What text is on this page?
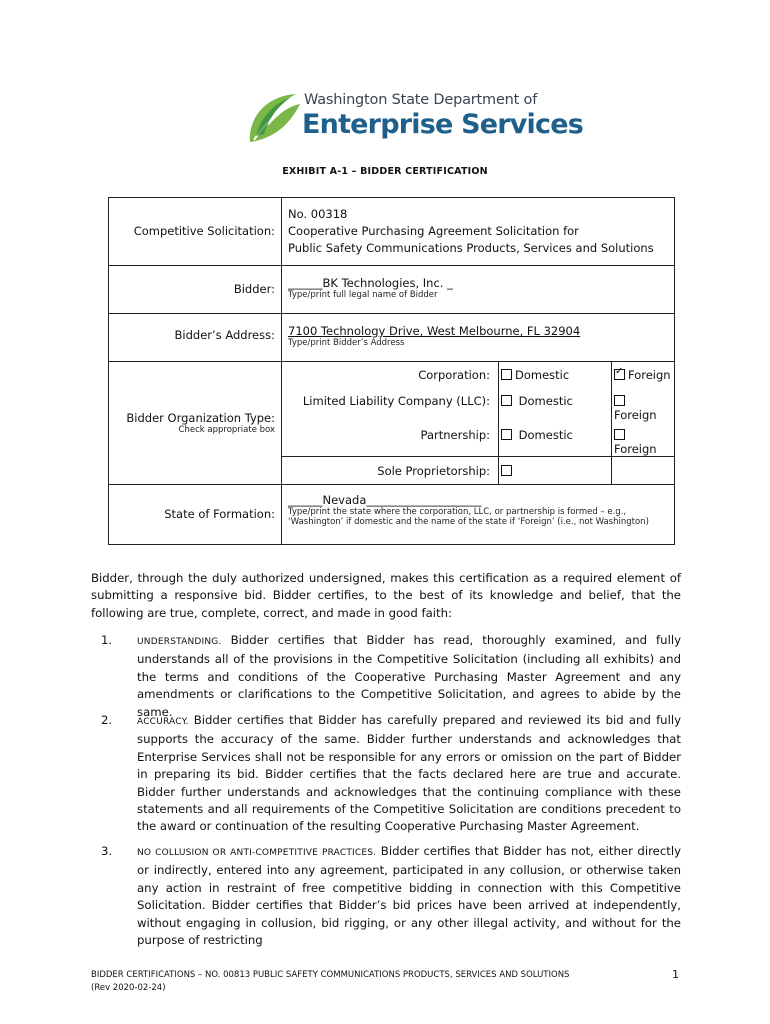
Washington State Department of
Enterprise Services
EXHIBIT A-1 – BIDDER CERTIFICATION
Competitive Solicitation:	No. 00318
Cooperative Purchasing Agreement Solicitation for
Public Safety Communications Products, Services and Solutions		

Bidder:	______BK Technologies, Inc. _
Type/print full legal name of Bidder		

Bidder’s Address:	7100 Technology Drive, West Melbourne, FL 32904
Type/print Bidder’s Address		

Bidder Organization Type:
Check appropriate box	Corporation:	Domestic	✓Foreign
	Limited Liability Company (LLC):	Domestic	Foreign
	Partnership:	Domestic	Foreign
	Sole Proprietorship:		
State of Formation:	______Nevada____________________
Type/print the state where the corporation, LLC, or partnership is formed – e.g.,
‘Washington’ if domestic and the name of the state if ‘Foreign’ (i.e., not Washington)		
Bidder, through the duly authorized undersigned, makes this certification as a required element of submitting a responsive bid. Bidder certifies, to the best of its knowledge and belief, that the following are true, complete, correct, and made in good faith:
1.	UNDERSTANDING. Bidder certifies that Bidder has read, thoroughly examined, and fully understands all of the provisions in the Competitive Solicitation (including all exhibits) and the terms and conditions of the Cooperative Purchasing Master Agreement and any amendments or clarifications to the Competitive Solicitation, and agrees to abide by the same.
2.	ACCURACY. Bidder certifies that Bidder has carefully prepared and reviewed its bid and fully supports the accuracy of the same. Bidder further understands and acknowledges that Enterprise Services shall not be responsible for any errors or omission on the part of Bidder in preparing its bid. Bidder certifies that the facts declared here are true and accurate. Bidder further understands and acknowledges that the continuing compliance with these statements and all requirements of the Competitive Solicitation are conditions precedent to the award or continuation of the resulting Cooperative Purchasing Master Agreement.
3.	NO COLLUSION OR ANTI-COMPETITIVE PRACTICES. Bidder certifies that Bidder has not, either directly or indirectly, entered into any agreement, participated in any collusion, or otherwise taken any action in restraint of free competitive bidding in connection with this Competitive Solicitation. Bidder certifies that Bidder’s bid prices have been arrived at independently, without engaging in collusion, bid rigging, or any other illegal activity, and without for the purpose of restricting
BIDDER CERTIFICATIONS – NO. 00813 PUBLIC SAFETY COMMUNICATIONS PRODUCTS, SERVICES AND SOLUTIONS
(Rev 2020-02-24)
1
